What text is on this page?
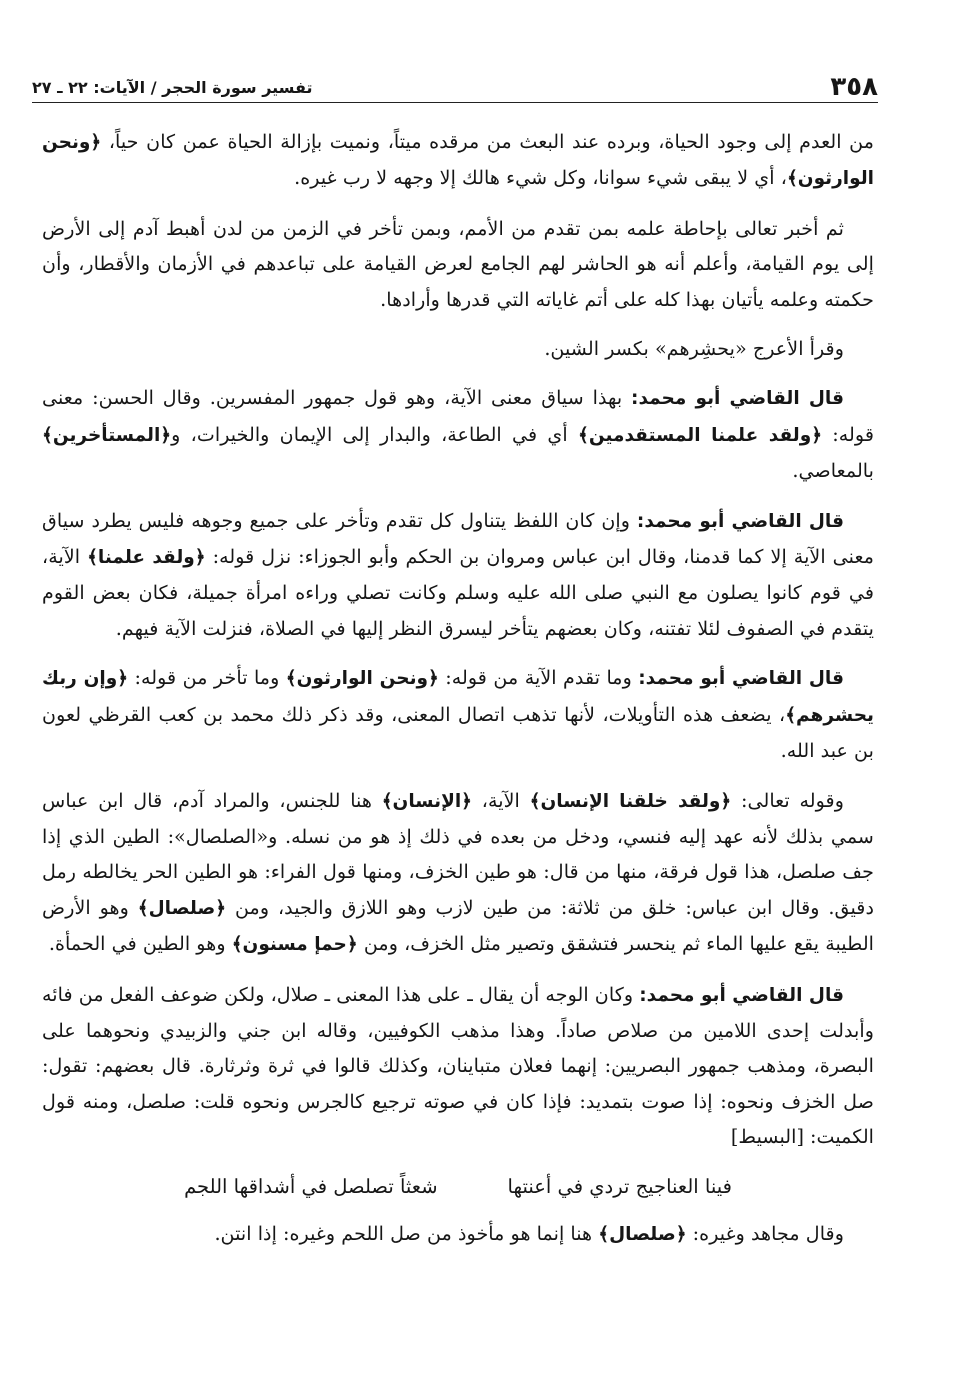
٣٥٨
تفسير سورة الحجر / الآيات: ٢٢ ـ ٢٧

من العدم إلى وجود الحياة، وبرده عند البعث من مرقده ميتاً، ونميت بإزالة الحياة عمن كان حياً، ﴿ونحن الوارثون﴾، أي لا يبقى شيء سوانا، وكل شيء هالك إلا وجهه لا رب غيره.

ثم أخبر تعالى بإحاطة علمه بمن تقدم من الأمم، وبمن تأخر في الزمن من لدن أهبط آدم إلى الأرض إلى يوم القيامة، وأعلم أنه هو الحاشر لهم الجامع لعرض القيامة على تباعدهم في الأزمان والأقطار، وأن حكمته وعلمه يأتيان بهذا كله على أتم غاياته التي قدرها وأرادها.

وقرأ الأعرج «يحشِرهم» بكسر الشين.

قال القاضي أبو محمد: بهذا سياق معنى الآية، وهو قول جمهور المفسرين. وقال الحسن: معنى قوله: ﴿ولقد علمنا المستقدمين﴾ أي في الطاعة، والبدار إلى الإيمان والخيرات، و﴿المستأخرين﴾ بالمعاصي.

قال القاضي أبو محمد: وإن كان اللفظ يتناول كل تقدم وتأخر على جميع وجوهه فليس يطرد سياق معنى الآية إلا كما قدمنا، وقال ابن عباس ومروان بن الحكم وأبو الجوزاء: نزل قوله: ﴿ولقد علمنا﴾ الآية، في قوم كانوا يصلون مع النبي صلى الله عليه وسلم وكانت تصلي وراءه امرأة جميلة، فكان بعض القوم يتقدم في الصفوف لئلا تفتنه، وكان بعضهم يتأخر ليسرق النظر إليها في الصلاة، فنزلت الآية فيهم.

قال القاضي أبو محمد: وما تقدم الآية من قوله: ﴿ونحن الوارثون﴾ وما تأخر من قوله: ﴿وإن ربك يحشرهم﴾، يضعف هذه التأويلات، لأنها تذهب اتصال المعنى، وقد ذكر ذلك محمد بن كعب القرظي لعون بن عبد الله.

وقوله تعالى: ﴿ولقد خلقنا الإنسان﴾ الآية، ﴿الإنسان﴾ هنا للجنس، والمراد آدم، قال ابن عباس سمي بذلك لأنه عهد إليه فنسي، ودخل من بعده في ذلك إذ هو من نسله. و«الصلصال»: الطين الذي إذا جف صلصل، هذا قول فرقة، منها من قال: هو طين الخزف، ومنها قول الفراء: هو الطين الحر يخالطه رمل دقيق. وقال ابن عباس: خلق من ثلاثة: من طين لازب وهو اللازق والجيد، ومن ﴿صلصال﴾ وهو الأرض الطيبة يقع عليها الماء ثم ينحسر فتشقق وتصير مثل الخزف، ومن ﴿حمإ مسنون﴾ وهو الطين في الحمأة.

قال القاضي أبو محمد: وكان الوجه أن يقال ـ على هذا المعنى ـ صلال، ولكن ضوعف الفعل من فائه وأبدلت إحدى اللامين من صلاص صاداً. وهذا مذهب الكوفيين، وقاله ابن جني والزبيدي ونحوهما على البصرة، ومذهب جمهور البصريين: إنهما فعلان متباينان، وكذلك قالوا في ثرة وثرثارة. قال بعضهم: تقول: صل الخزف ونحوه: إذا صوت بتمديد: فإذا كان في صوته ترجيع كالجرس ونحوه قلت: صلصل، ومنه قول الكميت: [البسيط]

فينا العناجيج تردي في أعنتها
شعثاً تصلصل في أشداقها اللجم

وقال مجاهد وغيره: ﴿صلصال﴾ هنا إنما هو مأخوذ من صل اللحم وغيره: إذا انتن.
